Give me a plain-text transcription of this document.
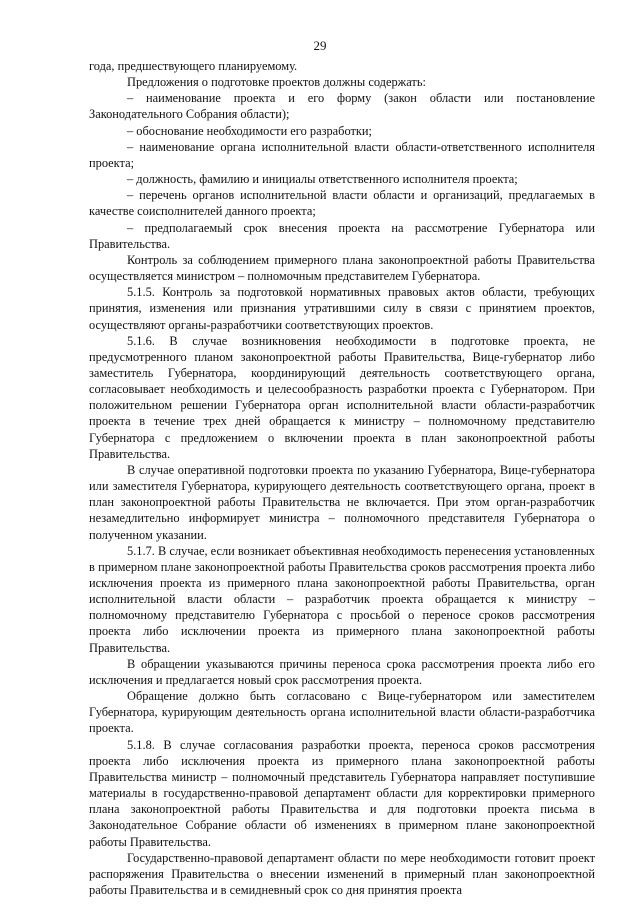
29

года, предшествующего планируемому.

Предложения о подготовке проектов должны содержать:

– наименование проекта и его форму (закон области или постановление Законодательного Собрания области);

– обоснование необходимости его разработки;

– наименование органа исполнительной власти области-ответственного исполнителя проекта;

– должность, фамилию и инициалы ответственного исполнителя проекта;

– перечень органов исполнительной власти области и организаций, предлагаемых в качестве соисполнителей данного проекта;

– предполагаемый срок внесения проекта на рассмотрение Губернатора или Правительства.

Контроль за соблюдением примерного плана законопроектной работы Правительства осуществляется министром – полномочным представителем Губернатора.

5.1.5. Контроль за подготовкой нормативных правовых актов области, требующих принятия, изменения или признания утратившими силу в связи с принятием проектов, осуществляют органы-разработчики соответствующих проектов.

5.1.6. В случае возникновения необходимости в подготовке проекта, не предусмотренного планом законопроектной работы Правительства, Вице-губернатор либо заместитель Губернатора, координирующий деятельность соответствующего органа, согласовывает необходимость и целесообразность разработки проекта с Губернатором. При положительном решении Губернатора орган исполнительной власти области-разработчик проекта в течение трех дней обращается к министру – полномочному представителю Губернатора с предложением о включении проекта в план законопроектной работы Правительства.

В случае оперативной подготовки проекта по указанию Губернатора, Вице-губернатора или заместителя Губернатора, курирующего деятельность соответствующего органа, проект в план законопроектной работы Правительства не включается. При этом орган-разработчик незамедлительно информирует министра – полномочного представителя Губернатора о полученном указании.

5.1.7. В случае, если возникает объективная необходимость перенесения установленных в примерном плане законопроектной работы Правительства сроков рассмотрения проекта либо исключения проекта из примерного плана законопроектной работы Правительства, орган исполнительной власти области – разработчик проекта обращается к министру – полномочному представителю Губернатора с просьбой о переносе сроков рассмотрения проекта либо исключении проекта из примерного плана законопроектной работы Правительства.

В обращении указываются причины переноса срока рассмотрения проекта либо его исключения и предлагается новый срок рассмотрения проекта.

Обращение должно быть согласовано с Вице-губернатором или заместителем Губернатора, курирующим деятельность органа исполнительной власти области-разработчика проекта.

5.1.8. В случае согласования разработки проекта, переноса сроков рассмотрения проекта либо исключения проекта из примерного плана законопроектной работы Правительства министр – полномочный представитель Губернатора направляет поступившие материалы в государственно-правовой департамент области для корректировки примерного плана законопроектной работы Правительства и для подготовки проекта письма в Законодательное Собрание области об изменениях в примерном плане законопроектной работы Правительства.

Государственно-правовой департамент области по мере необходимости готовит проект распоряжения Правительства о внесении изменений в примерный план законопроектной работы Правительства и в семидневный срок со дня принятия проекта
